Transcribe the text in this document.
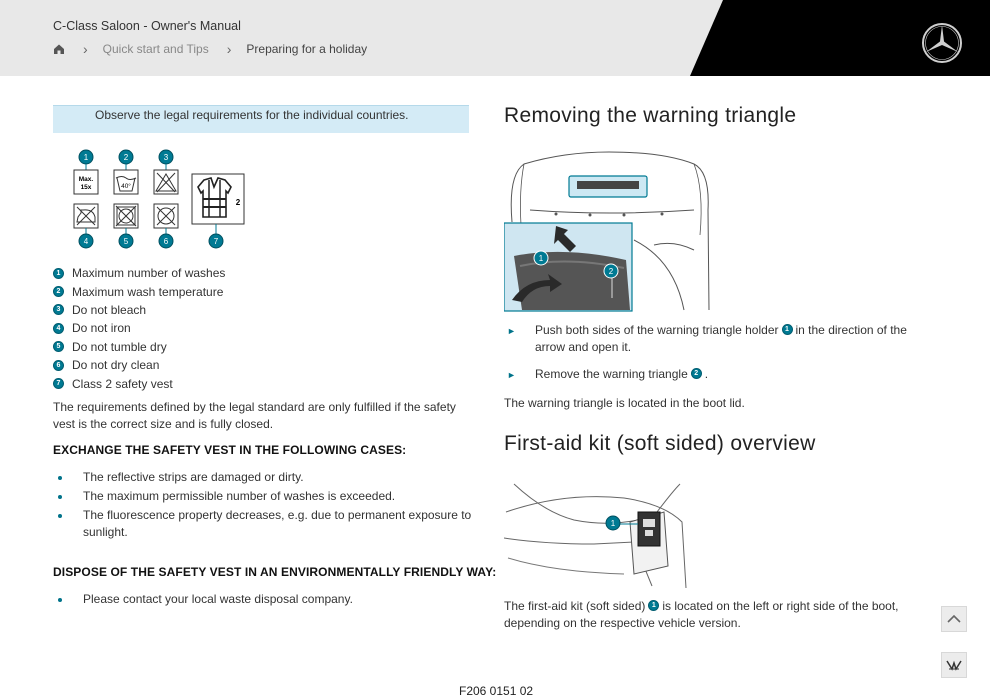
C-Class Saloon - Owner's Manual
› Quick start and Tips › Preparing for a holiday
Observe the legal requirements for the individual countries.
1	2	3
Max.
15x	40°
2
4	5	6	7
1 Maximum number of washes
2 Maximum wash temperature
3 Do not bleach
4 Do not iron
5 Do not tumble dry
6 Do not dry clean
7 Class 2 safety vest
The requirements defined by the legal standard are only fulfilled if the safety vest is the correct size and is fully closed.
EXCHANGE THE SAFETY VEST IN THE FOLLOWING CASES:
The reflective strips are damaged or dirty.
The maximum permissible number of washes is exceeded.
The fluorescence property decreases, e.g. due to permanent exposure to sunlight.
DISPOSE OF THE SAFETY VEST IN AN ENVIRONMENTALLY FRIENDLY WAY:
Please contact your local waste disposal company.
Removing the warning triangle
1
2
►	Push both sides of the warning triangle holder 1 in the direction of the arrow and open it.
►	Remove the warning triangle 2 .
The warning triangle is located in the boot lid.
First-aid kit (soft sided) overview
1
The first-aid kit (soft sided) 1 is located on the left or right side of the boot, depending on the respective vehicle version.
F206 0151 02
